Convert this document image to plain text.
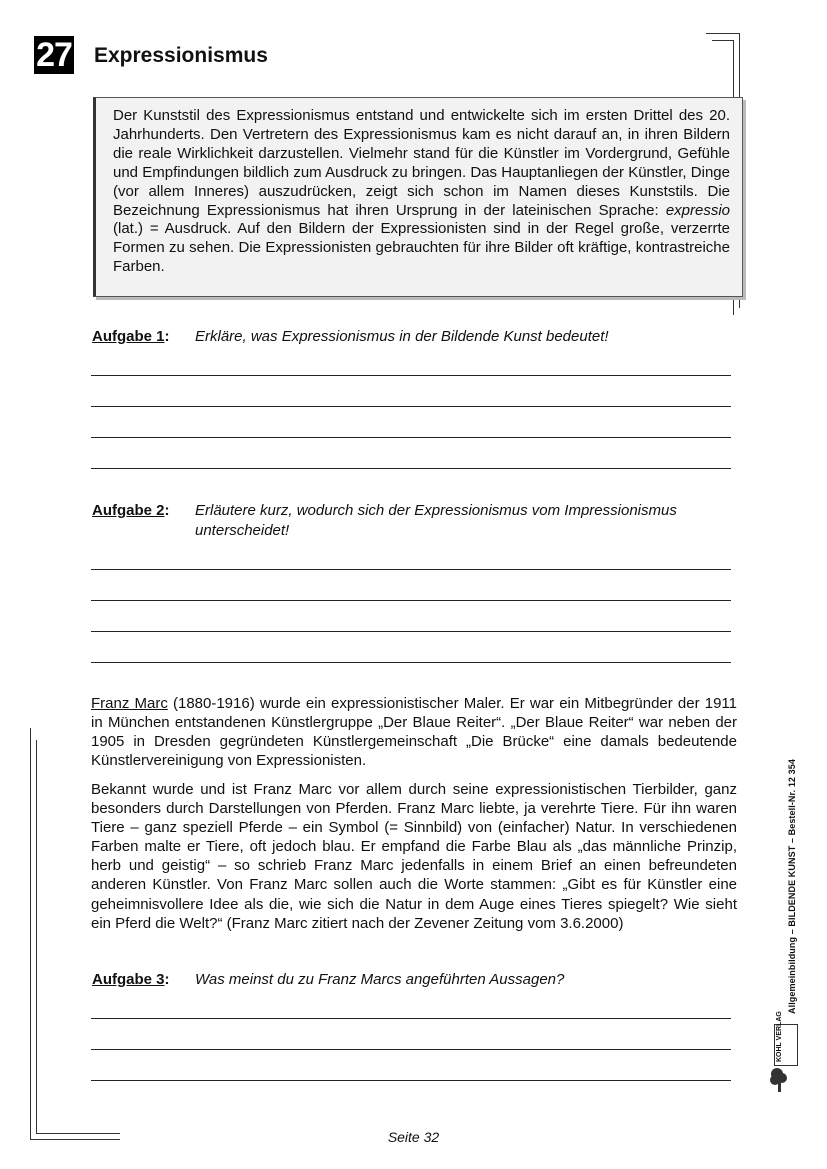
27 Expressionismus
Der Kunststil des Expressionismus entstand und entwickelte sich im ersten Drittel des 20. Jahrhunderts. Den Vertretern des Expressionismus kam es nicht darauf an, in ihren Bildern die reale Wirklichkeit darzustellen. Vielmehr stand für die Künstler im Vordergrund, Gefühle und Empfindungen bildlich zum Ausdruck zu bringen. Das Hauptanliegen der Künstler, Dinge (vor allem Inneres) auszudrücken, zeigt sich schon im Namen dieses Kunststils. Die Bezeichnung Expressionismus hat ihren Ursprung in der lateinischen Sprache: expressio (lat.) = Ausdruck. Auf den Bildern der Expressionisten sind in der Regel große, verzerrte Formen zu sehen. Die Expressionisten gebrauchten für ihre Bilder oft kräftige, kontrastreiche Farben.
Aufgabe 1: Erkläre, was Expressionismus in der Bildende Kunst bedeutet!
Aufgabe 2: Erläutere kurz, wodurch sich der Expressionismus vom Impressionismus unterscheidet!
Franz Marc (1880-1916) wurde ein expressionistischer Maler. Er war ein Mitbegründer der 1911 in München entstandenen Künstlergruppe „Der Blaue Reiter“. „Der Blaue Reiter“ war neben der 1905 in Dresden gegründeten Künstlergemeinschaft „Die Brücke“ eine damals bedeutende Künstlervereinigung von Expressionisten.
Bekannt wurde und ist Franz Marc vor allem durch seine expressionistischen Tierbilder, ganz besonders durch Darstellungen von Pferden. Franz Marc liebte, ja verehrte Tiere. Für ihn waren Tiere – ganz speziell Pferde – ein Symbol (= Sinnbild) von (einfacher) Natur. In verschiedenen Farben malte er Tiere, oft jedoch blau. Er empfand die Farbe Blau als „das männliche Prinzip, herb und geistig“ – so schrieb Franz Marc jedenfalls in einem Brief an einen befreundeten anderen Künstler. Von Franz Marc sollen auch die Worte stammen: „Gibt es für Künstler eine geheimnisvollere Idee als die, wie sich die Natur in dem Auge eines Tieres spiegelt? Wie sieht ein Pferd die Welt?“ (Franz Marc zitiert nach der Zevener Zeitung vom 3.6.2000)
Aufgabe 3: Was meinst du zu Franz Marcs angeführten Aussagen?	Allgemeinbildung – BILDENDE KUNST – Bestell-Nr. 12 354
KOHL VERLAG
Seite 32
